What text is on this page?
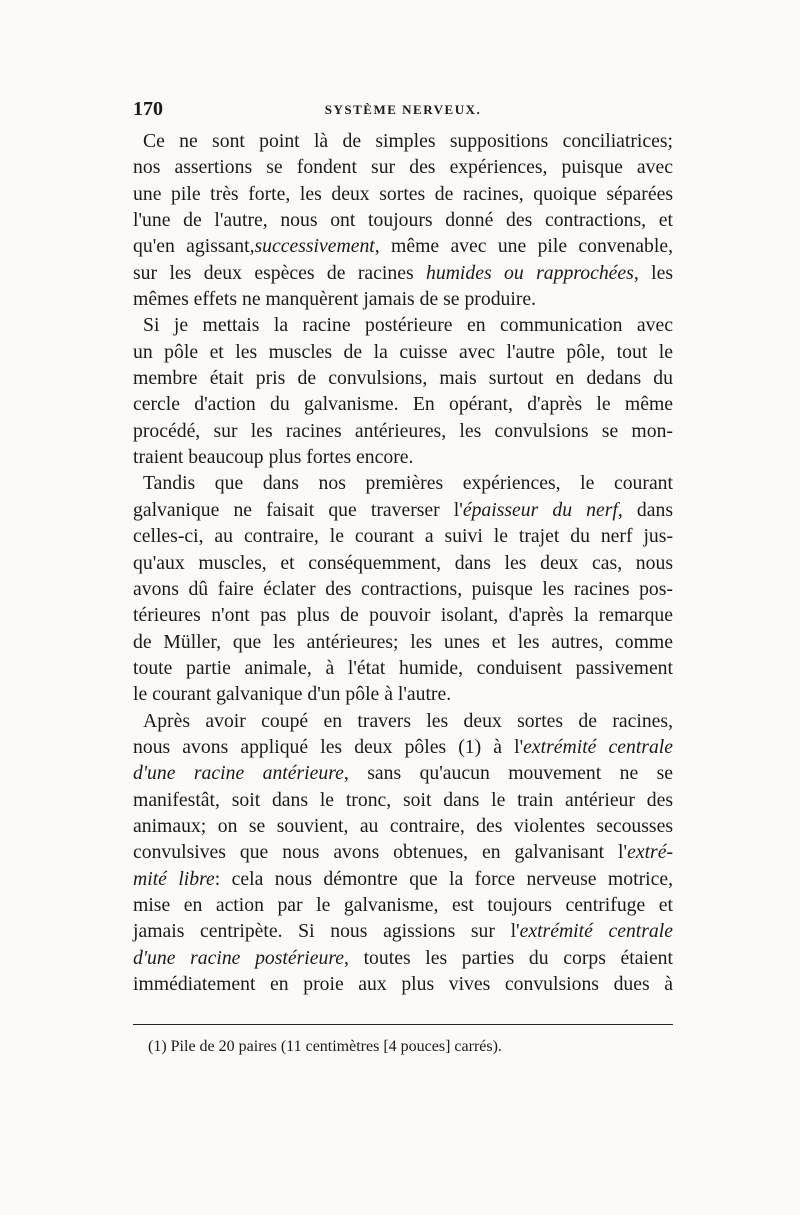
170	SYSTÈME NERVEUX.
Ce ne sont point là de simples suppositions conciliatrices;
nos assertions se fondent sur des expériences, puisque avec
une pile très forte, les deux sortes de racines, quoique séparées
l'une de l'autre, nous ont toujours donné des contractions, et
qu'en agissant,successivement, même avec une pile convenable,
sur les deux espèces de racines humides ou rapprochées, les
mêmes effets ne manquèrent jamais de se produire.
Si je mettais la racine postérieure en communication avec
un pôle et les muscles de la cuisse avec l'autre pôle, tout le
membre était pris de convulsions, mais surtout en dedans du
cercle d'action du galvanisme. En opérant, d'après le même
procédé, sur les racines antérieures, les convulsions se mon-
traient beaucoup plus fortes encore.
Tandis que dans nos premières expériences, le courant
galvanique ne faisait que traverser l'épaisseur du nerf, dans
celles-ci, au contraire, le courant a suivi le trajet du nerf jus-
qu'aux muscles, et conséquemment, dans les deux cas, nous
avons dû faire éclater des contractions, puisque les racines pos-
térieures n'ont pas plus de pouvoir isolant, d'après la remarque
de Müller, que les antérieures; les unes et les autres, comme
toute partie animale, à l'état humide, conduisent passivement
le courant galvanique d'un pôle à l'autre.
Après avoir coupé en travers les deux sortes de racines,
nous avons appliqué les deux pôles (1) à l'extrémité centrale
d'une racine antérieure, sans qu'aucun mouvement ne se
manifestât, soit dans le tronc, soit dans le train antérieur des
animaux; on se souvient, au contraire, des violentes secousses
convulsives que nous avons obtenues, en galvanisant l'extré-
mité libre: cela nous démontre que la force nerveuse motrice,
mise en action par le galvanisme, est toujours centrifuge et
jamais centripète. Si nous agissions sur l'extrémité centrale
d'une racine postérieure, toutes les parties du corps étaient
immédiatement en proie aux plus vives convulsions dues à
(1) Pile de 20 paires (11 centimètres [4 pouces] carrés).
